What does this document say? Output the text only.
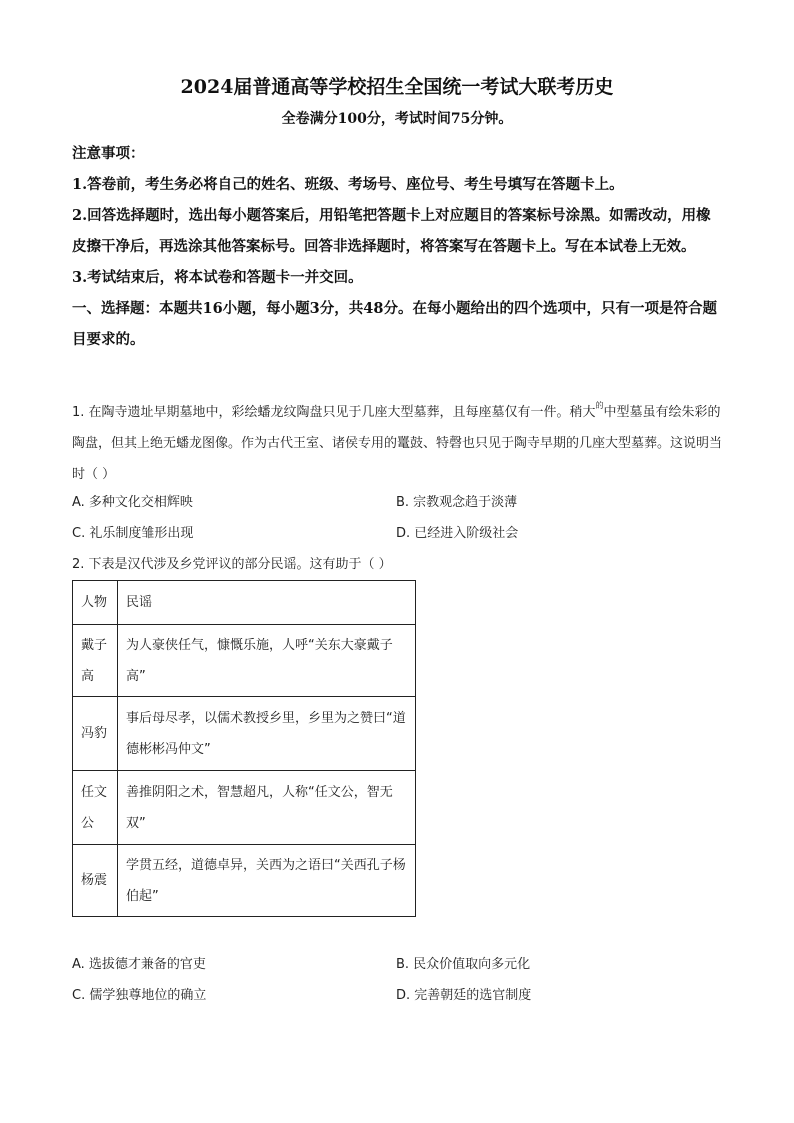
2024届普通高等学校招生全国统一考试大联考历史
全卷满分100分，考试时间75分钟。

注意事项：

1.答卷前，考生务必将自己的姓名、班级、考场号、座位号、考生号填写在答题卡上。

2.回答选择题时，选出每小题答案后，用铅笔把答题卡上对应题目的答案标号涂黑。如需改动，用橡皮擦干净后，再选涂其他答案标号。回答非选择题时，将答案写在答题卡上。写在本试卷上无效。

3.考试结束后，将本试卷和答题卡一并交回。

一、选择题：本题共16小题，每小题3分，共48分。在每小题给出的四个选项中，只有一项是符合题目要求的。

1. 在陶寺遗址早期墓地中，彩绘蟠龙纹陶盘只见于几座大型墓葬，且每座墓仅有一件。稍大$^的$中型墓虽有绘朱彩的陶盘，但其上绝无蟠龙图像。作为古代王室、诸侯专用的鼍鼓、特磬也只见于陶寺早期的几座大型墓葬。这说明当时（ ）

A. 多种文化交相辉映	B. 宗教观念趋于淡薄
C. 礼乐制度雏形出现	D. 已经进入阶级社会

2. 下表是汉代涉及乡党评议的部分民谣。这有助于（ ）

人物	民谣
戴子高	为人豪侠任气，慷慨乐施，人呼“关东大豪戴子高”
冯豹	事后母尽孝，以儒术教授乡里，乡里为之赞曰“道德彬彬冯仲文”
任文公	善推阴阳之术，智慧超凡，人称“任文公，智无双”
杨震	学贯五经，道德卓异，关西为之语曰“关西孔子杨伯起”
A. 选拔德才兼备的官吏	B. 民众价值取向多元化
C. 儒学独尊地位的确立	D. 完善朝廷的选官制度
